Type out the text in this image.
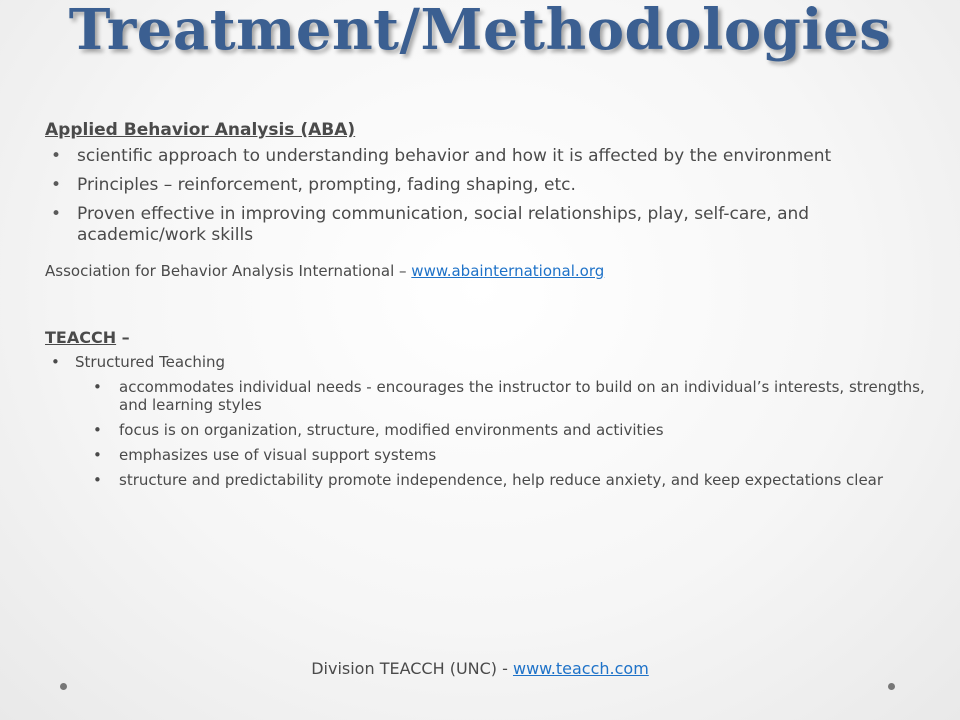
Treatment/Methodologies
Applied Behavior Analysis (ABA)
• scientific approach to understanding behavior and how it is affected by the environment
• Principles – reinforcement, prompting, fading shaping, etc.
• Proven effective in improving communication, social relationships, play, self-care, and academic/work skills
Association for Behavior Analysis International – www.abainternational.org
TEACCH –
• Structured Teaching
• accommodates individual needs - encourages the instructor to build on an individual’s interests, strengths, and learning styles
• focus is on organization, structure, modified environments and activities
• emphasizes use of visual support systems
• structure and predictability promote independence, help reduce anxiety, and keep expectations clear
Division TEACCH (UNC) - www.teacch.com
